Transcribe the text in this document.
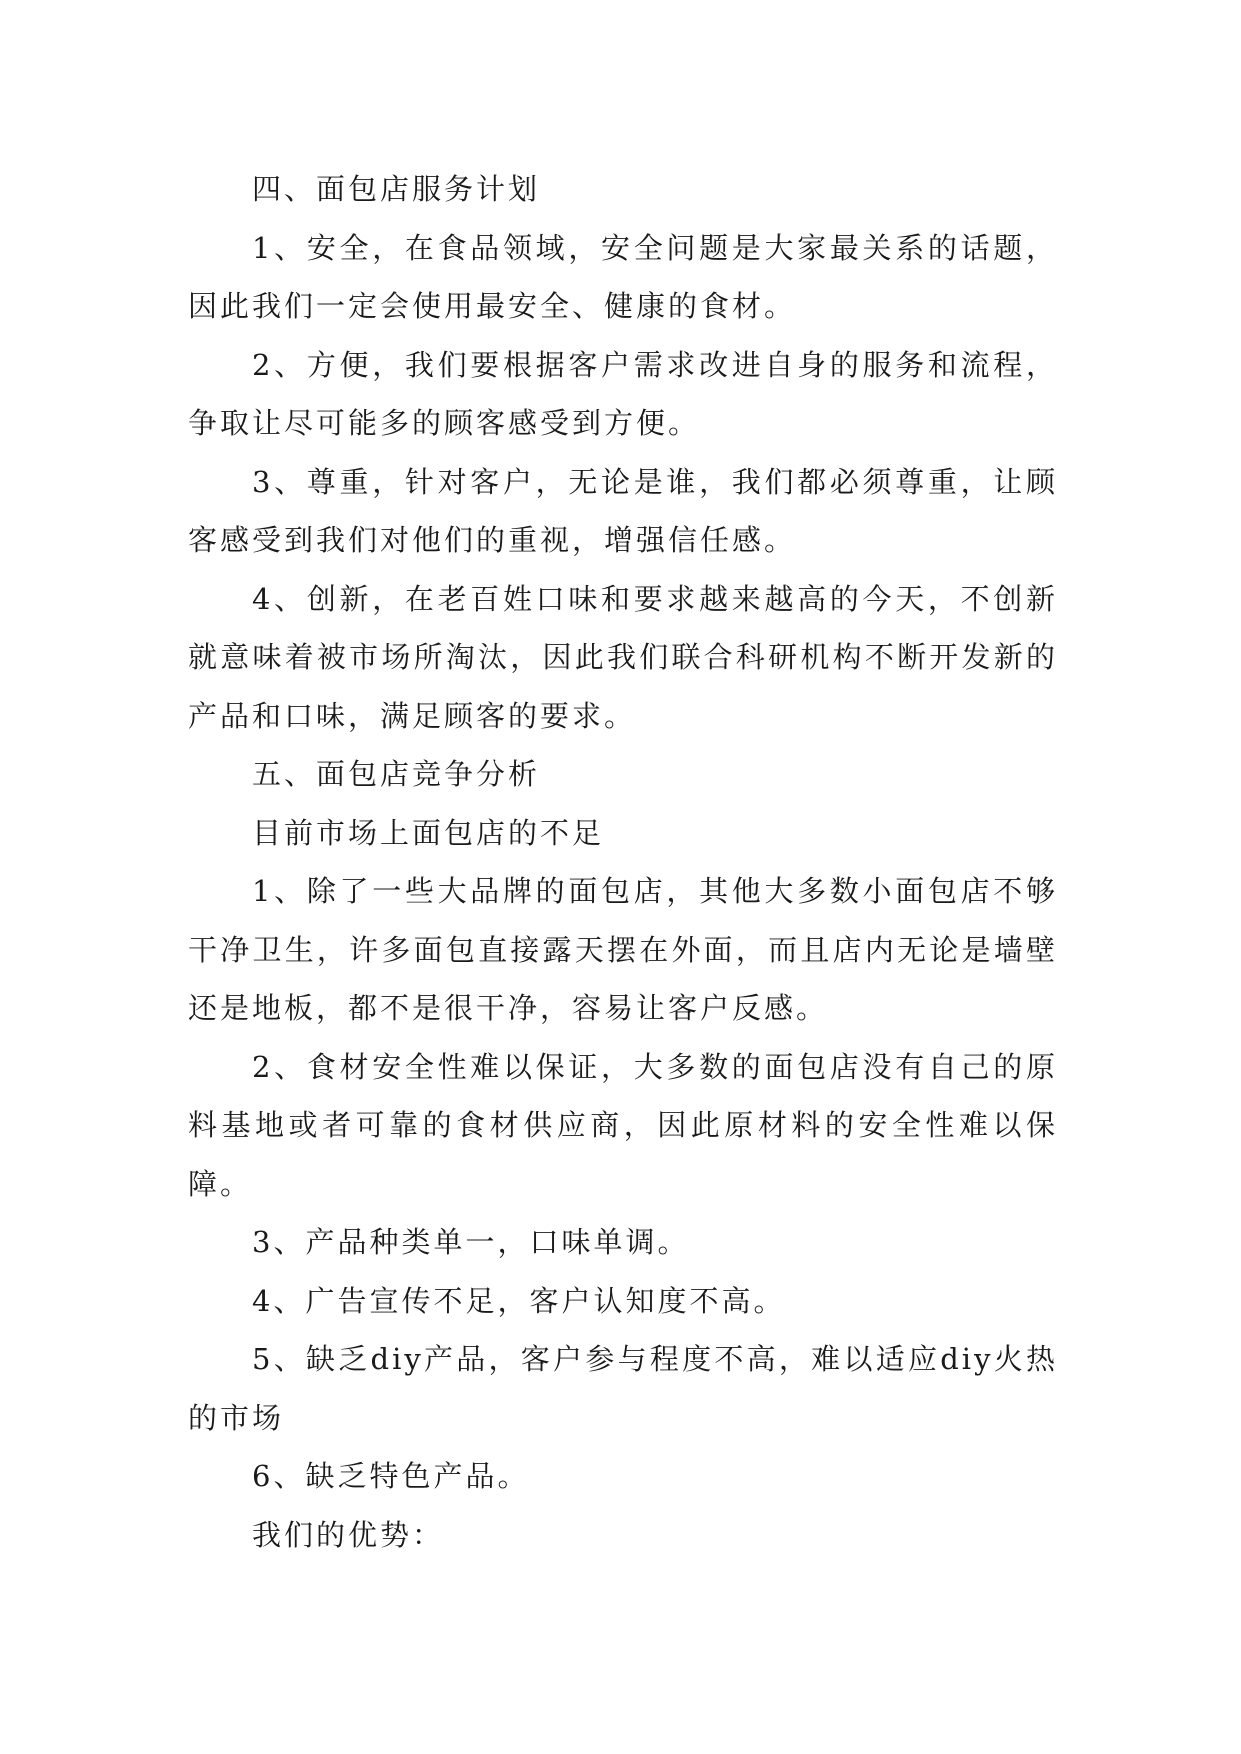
四、面包店服务计划

1、安全，在食品领域，安全问题是大家最关系的话题，因此我们一定会使用最安全、健康的食材。

2、方便，我们要根据客户需求改进自身的服务和流程，争取让尽可能多的顾客感受到方便。

3、尊重，针对客户，无论是谁，我们都必须尊重，让顾客感受到我们对他们的重视，增强信任感。

4、创新，在老百姓口味和要求越来越高的今天，不创新就意味着被市场所淘汰，因此我们联合科研机构不断开发新的产品和口味，满足顾客的要求。

五、面包店竞争分析

目前市场上面包店的不足

1、除了一些大品牌的面包店，其他大多数小面包店不够干净卫生，许多面包直接露天摆在外面，而且店内无论是墙壁还是地板，都不是很干净，容易让客户反感。

2、食材安全性难以保证，大多数的面包店没有自己的原料基地或者可靠的食材供应商，因此原材料的安全性难以保障。

3、产品种类单一，口味单调。

4、广告宣传不足，客户认知度不高。

5、缺乏diy产品，客户参与程度不高，难以适应diy火热的市场

6、缺乏特色产品。

我们的优势：
